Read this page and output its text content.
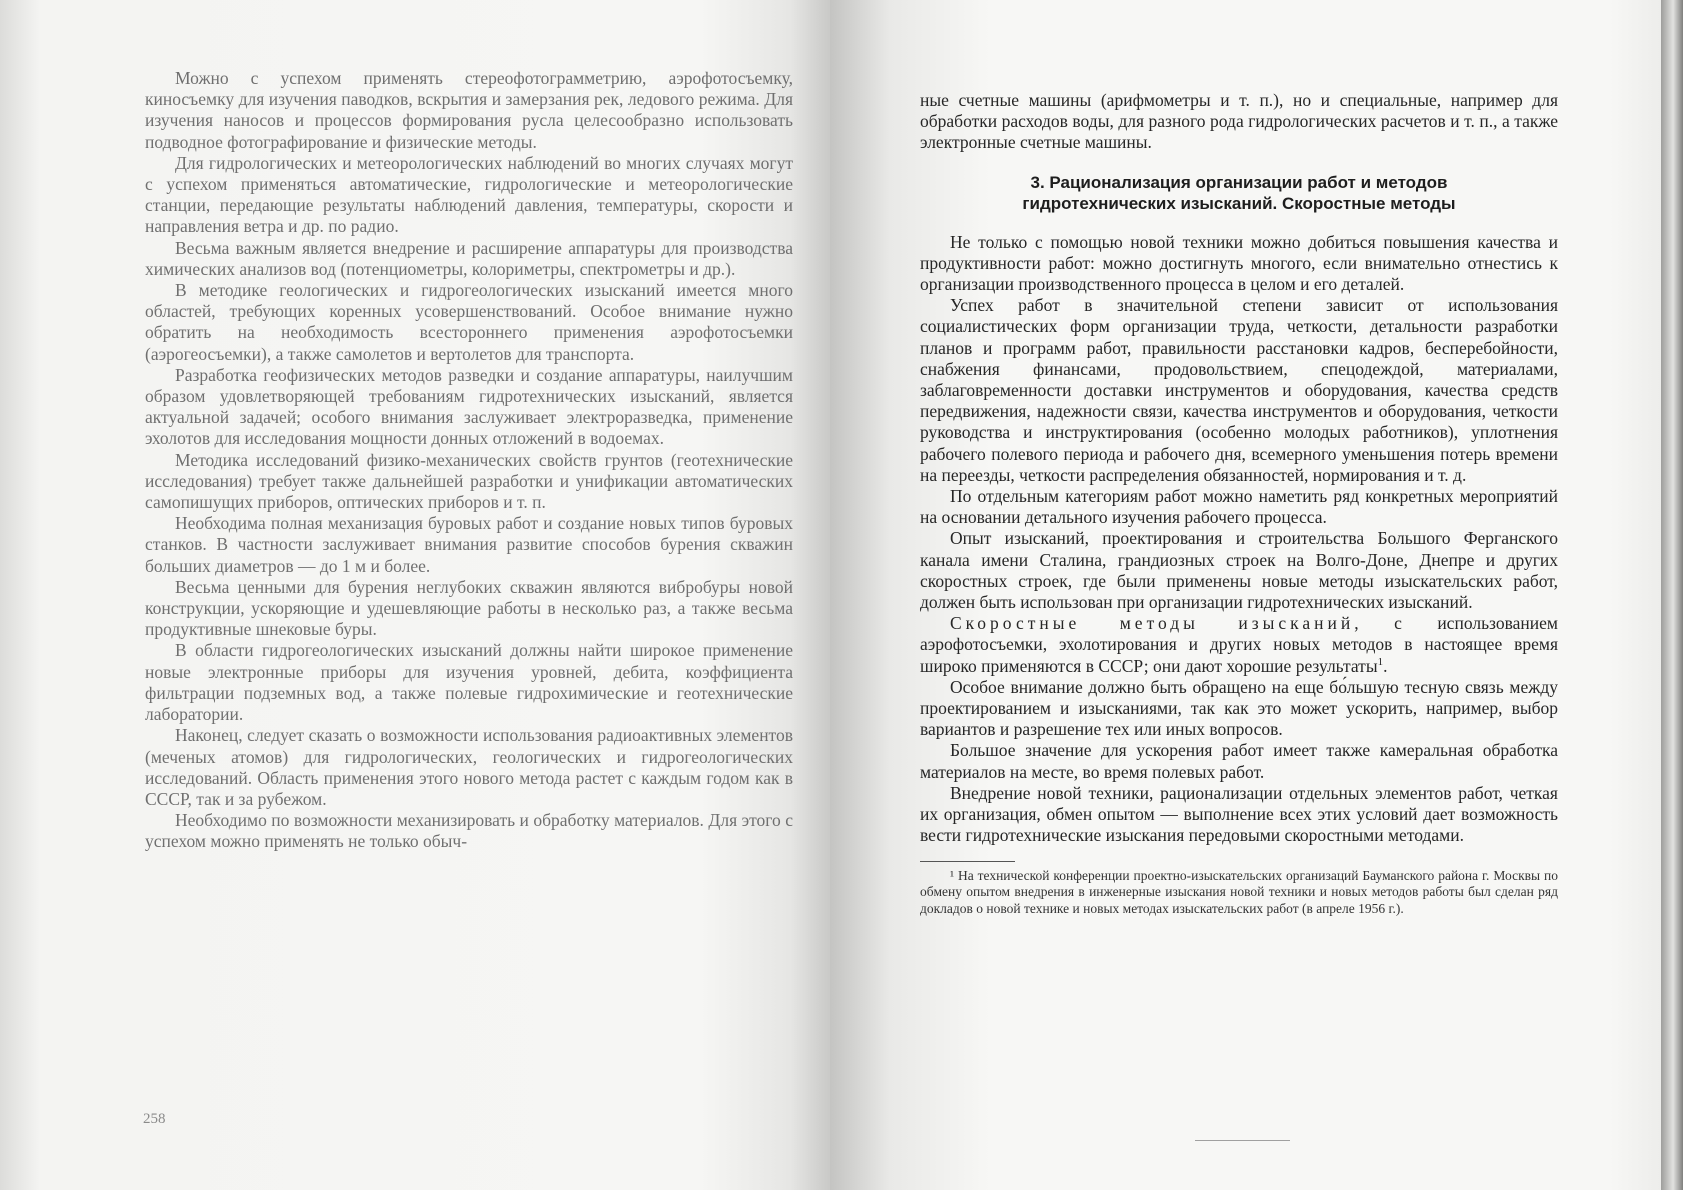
Можно с успехом применять стереофотограмметрию, аэрофотосъемку, киносъемку для изучения паводков, вскрытия и замерзания рек, ледового режима. Для изучения наносов и процессов формирования русла целесообразно использовать подводное фотографирование и физические методы.

Для гидрологических и метеорологических наблюдений во многих случаях могут с успехом применяться автоматические, гидрологические и метеорологические станции, передающие результаты наблюдений давления, температуры, скорости и направления ветра и др. по радио.

Весьма важным является внедрение и расширение аппаратуры для производства химических анализов вод (потенциометры, колориметры, спектрометры и др.).

В методике геологических и гидрогеологических изысканий имеется много областей, требующих коренных усовершенствований. Особое внимание нужно обратить на необходимость всестороннего применения аэрофотосъемки (аэрогеосъемки), а также самолетов и вертолетов для транспорта.

Разработка геофизических методов разведки и создание аппаратуры, наилучшим образом удовлетворяющей требованиям гидротехнических изысканий, является актуальной задачей; особого внимания заслуживает электроразведка, применение эхолотов для исследования мощности донных отложений в водоемах.

Методика исследований физико-механических свойств грунтов (геотехнические исследования) требует также дальнейшей разработки и унификации автоматических самопишущих приборов, оптических приборов и т. п.

Необходима полная механизация буровых работ и создание новых типов буровых станков. В частности заслуживает внимания развитие способов бурения скважин больших диаметров — до 1 м и более.

Весьма ценными для бурения неглубоких скважин являются вибробуры новой конструкции, ускоряющие и удешевляющие работы в несколько раз, а также весьма продуктивные шнековые буры.

В области гидрогеологических изысканий должны найти широкое применение новые электронные приборы для изучения уровней, дебита, коэффициента фильтрации подземных вод, а также полевые гидрохимические и геотехнические лаборатории.

Наконец, следует сказать о возможности использования радиоактивных элементов (меченых атомов) для гидрологических, геологических и гидрогеологических исследований. Область применения этого нового метода растет с каждым годом как в СССР, так и за рубежом.

Необходимо по возможности механизировать и обработку материалов. Для этого с успехом можно применять не только обыч-

258

ные счетные машины (арифмометры и т. п.), но и специальные, например для обработки расходов воды, для разного рода гидрологических расчетов и т. п., а также электронные счетные машины.

3. Рационализация организации работ и методов
гидротехнических изысканий. Скоростные методы

Не только с помощью новой техники можно добиться повышения качества и продуктивности работ: можно достигнуть многого, если внимательно отнестись к организации производственного процесса в целом и его деталей.

Успех работ в значительной степени зависит от использования социалистических форм организации труда, четкости, детальности разработки планов и программ работ, правильности расстановки кадров, бесперебойности, снабжения финансами, продовольствием, спецодеждой, материалами, заблаговременности доставки инструментов и оборудования, качества средств передвижения, надежности связи, качества инструментов и оборудования, четкости руководства и инструктирования (особенно молодых работников), уплотнения рабочего полевого периода и рабочего дня, всемерного уменьшения потерь времени на переезды, четкости распределения обязанностей, нормирования и т. д.

По отдельным категориям работ можно наметить ряд конкретных мероприятий на основании детального изучения рабочего процесса.

Опыт изысканий, проектирования и строительства Большого Ферганского канала имени Сталина, грандиозных строек на Волго-Доне, Днепре и других скоростных строек, где были применены новые методы изыскательских работ, должен быть использован при организации гидротехнических изысканий.

Скоростные методы изысканий, с использованием аэрофотосъемки, эхолотирования и других новых методов в настоящее время широко применяются в СССР; они дают хорошие результаты$^1$.

Особое внимание должно быть обращено на еще бо́льшую тесную связь между проектированием и изысканиями, так как это может ускорить, например, выбор вариантов и разрешение тех или иных вопросов.

Большое значение для ускорения работ имеет также камеральная обработка материалов на месте, во время полевых работ.

Внедрение новой техники, рационализации отдельных элементов работ, четкая их организация, обмен опытом — выполнение всех этих условий дает возможность вести гидротехнические изыскания передовыми скоростными методами.

¹ На технической конференции проектно-изыскательских организаций Бауманского района г. Москвы по обмену опытом внедрения в инженерные изыскания новой техники и новых методов работы был сделан ряд докладов о новой технике и новых методах изыскательских работ (в апреле 1956 г.).
